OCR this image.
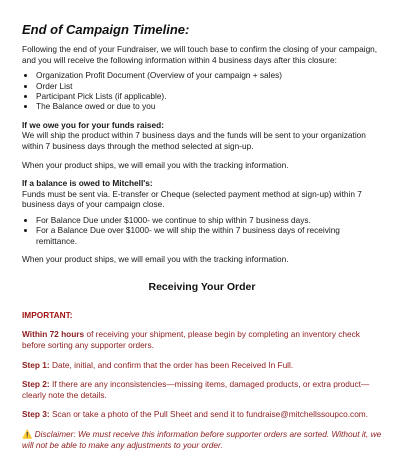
End of Campaign Timeline:

Following the end of your Fundraiser, we will touch base to confirm the closing of your campaign, and you will receive the following information within 4 business days after this closure:

• Organization Profit Document (Overview of your campaign + sales)
• Order List
• Participant Pick Lists (if applicable).
• The Balance owed or due to you

If we owe you for your funds raised:

We will ship the product within 7 business days and the funds will be sent to your organization within 7 business days through the method selected at sign-up.

When your product ships, we will email you with the tracking information.

If a balance is owed to Mitchell's:

Funds must be sent via. E-transfer or Cheque (selected payment method at sign-up) within 7 business days of your campaign close.

• For Balance Due under $1000- we continue to ship within 7 business days.
• For a Balance Due over $1000- we will ship the within 7 business days of receiving remittance.

When your product ships, we will email you with the tracking information.

Receiving Your Order

IMPORTANT:

Within 72 hours of receiving your shipment, please begin by completing an inventory check before sorting any supporter orders.

Step 1: Date, initial, and confirm that the order has been Received In Full.

Step 2: If there are any inconsistencies—missing items, damaged products, or extra product—clearly note the details.

Step 3: Scan or take a photo of the Pull Sheet and send it to fundraise@mitchellssoupco.com.

⚠️ Disclaimer: We must receive this information before supporter orders are sorted. Without it, we will not be able to make any adjustments to your order.
